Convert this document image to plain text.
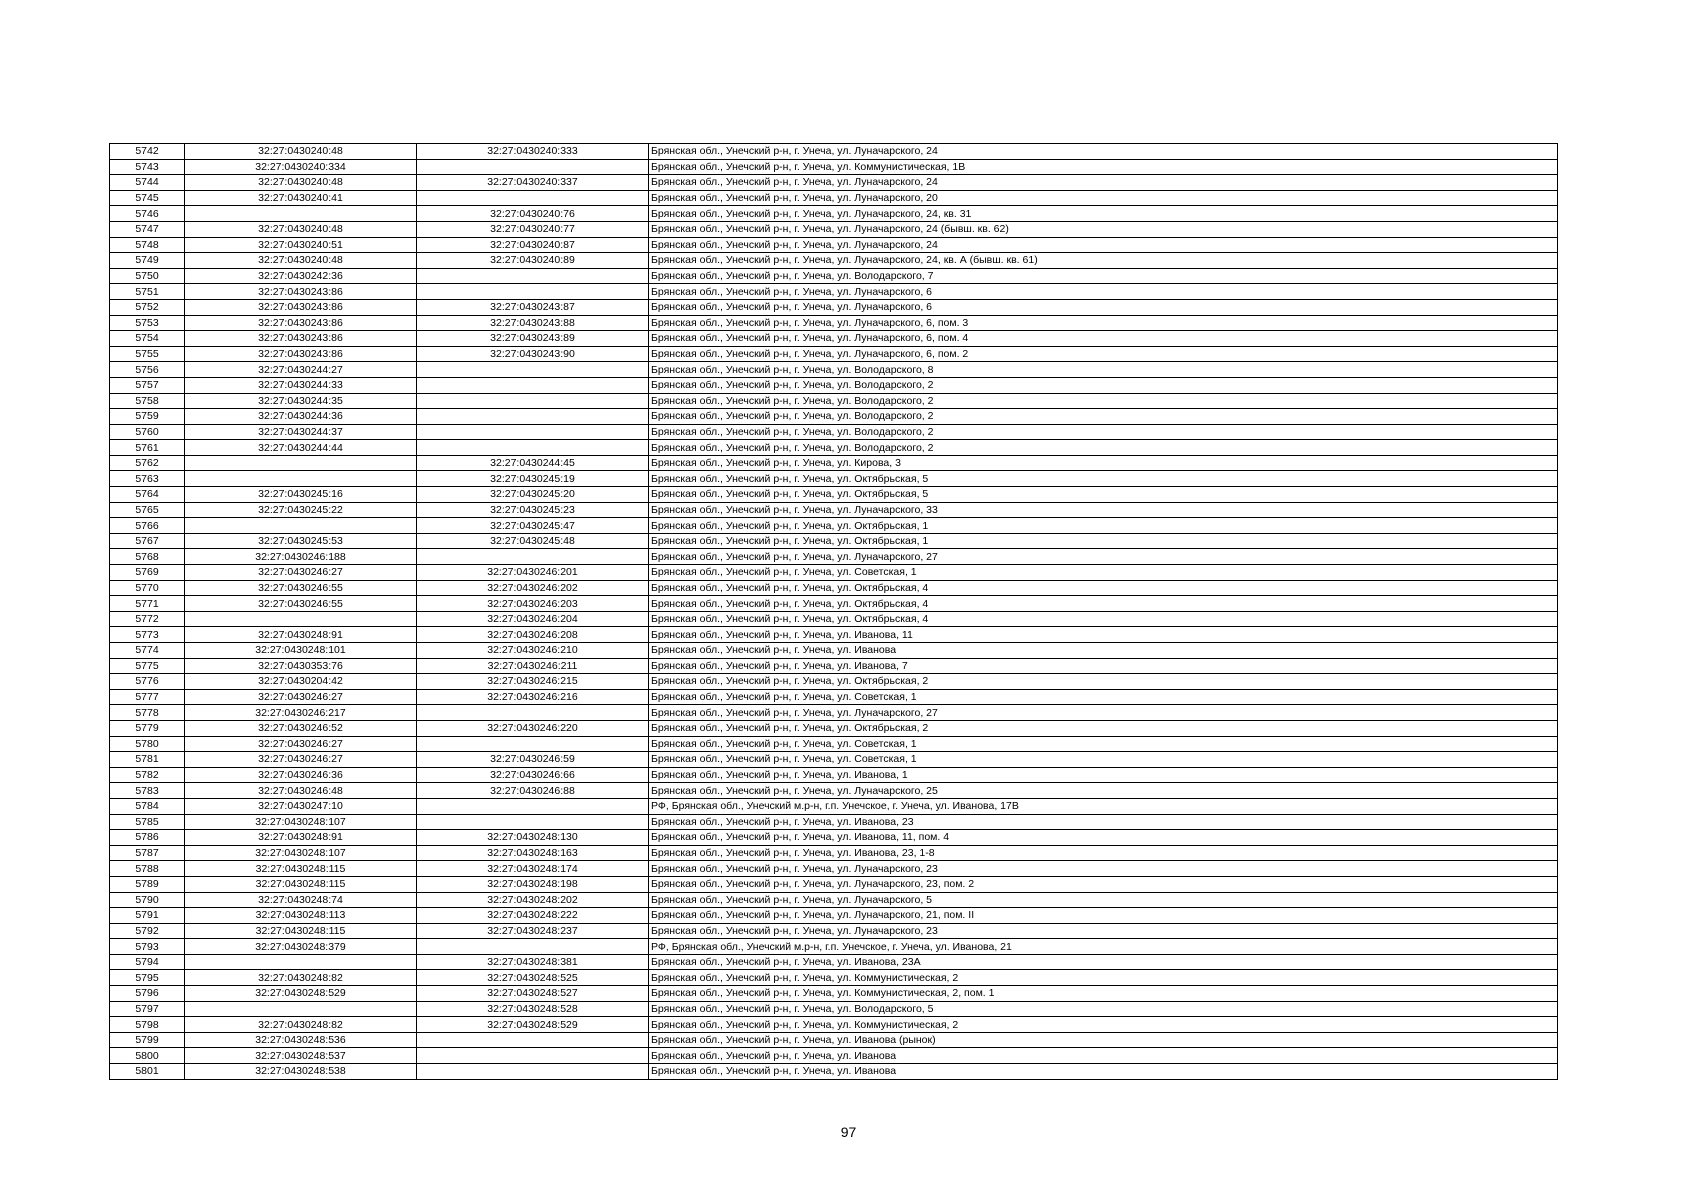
5742	32:27:0430240:48	32:27:0430240:333	Брянская обл., Унечский р-н, г. Унеча, ул. Луначарского, 24
5743	32:27:0430240:334		Брянская обл., Унечский р-н, г. Унеча, ул. Коммунистическая, 1В
5744	32:27:0430240:48	32:27:0430240:337	Брянская обл., Унечский р-н, г. Унеча, ул. Луначарского, 24
5745	32:27:0430240:41		Брянская обл., Унечский р-н, г. Унеча, ул. Луначарского, 20
5746		32:27:0430240:76	Брянская обл., Унечский р-н, г. Унеча, ул. Луначарского, 24, кв. 31
5747	32:27:0430240:48	32:27:0430240:77	Брянская обл., Унечский р-н, г. Унеча, ул. Луначарского, 24 (бывш. кв. 62)
5748	32:27:0430240:51	32:27:0430240:87	Брянская обл., Унечский р-н, г. Унеча, ул. Луначарского, 24
5749	32:27:0430240:48	32:27:0430240:89	Брянская обл., Унечский р-н, г. Унеча, ул. Луначарского, 24, кв. А (бывш. кв. 61)
5750	32:27:0430242:36		Брянская обл., Унечский р-н, г. Унеча, ул. Володарского, 7
5751	32:27:0430243:86		Брянская обл., Унечский р-н, г. Унеча, ул. Луначарского, 6
5752	32:27:0430243:86	32:27:0430243:87	Брянская обл., Унечский р-н, г. Унеча, ул. Луначарского, 6
5753	32:27:0430243:86	32:27:0430243:88	Брянская обл., Унечский р-н, г. Унеча, ул. Луначарского, 6, пом. 3
5754	32:27:0430243:86	32:27:0430243:89	Брянская обл., Унечский р-н, г. Унеча, ул. Луначарского, 6, пом. 4
5755	32:27:0430243:86	32:27:0430243:90	Брянская обл., Унечский р-н, г. Унеча, ул. Луначарского, 6, пом. 2
5756	32:27:0430244:27		Брянская обл., Унечский р-н, г. Унеча, ул. Володарского, 8
5757	32:27:0430244:33		Брянская обл., Унечский р-н, г. Унеча, ул. Володарского, 2
5758	32:27:0430244:35		Брянская обл., Унечский р-н, г. Унеча, ул. Володарского, 2
5759	32:27:0430244:36		Брянская обл., Унечский р-н, г. Унеча, ул. Володарского, 2
5760	32:27:0430244:37		Брянская обл., Унечский р-н, г. Унеча, ул. Володарского, 2
5761	32:27:0430244:44		Брянская обл., Унечский р-н, г. Унеча, ул. Володарского, 2
5762		32:27:0430244:45	Брянская обл., Унечский р-н, г. Унеча, ул. Кирова, 3
5763		32:27:0430245:19	Брянская обл., Унечский р-н, г. Унеча, ул. Октябрьская, 5
5764	32:27:0430245:16	32:27:0430245:20	Брянская обл., Унечский р-н, г. Унеча, ул. Октябрьская, 5
5765	32:27:0430245:22	32:27:0430245:23	Брянская обл., Унечский р-н, г. Унеча, ул. Луначарского, 33
5766		32:27:0430245:47	Брянская обл., Унечский р-н, г. Унеча, ул. Октябрьская, 1
5767	32:27:0430245:53	32:27:0430245:48	Брянская обл., Унечский р-н, г. Унеча, ул. Октябрьская, 1
5768	32:27:0430246:188		Брянская обл., Унечский р-н, г. Унеча, ул. Луначарского, 27
5769	32:27:0430246:27	32:27:0430246:201	Брянская обл., Унечский р-н, г. Унеча, ул. Советская, 1
5770	32:27:0430246:55	32:27:0430246:202	Брянская обл., Унечский р-н, г. Унеча, ул. Октябрьская, 4
5771	32:27:0430246:55	32:27:0430246:203	Брянская обл., Унечский р-н, г. Унеча, ул. Октябрьская, 4
5772		32:27:0430246:204	Брянская обл., Унечский р-н, г. Унеча, ул. Октябрьская, 4
5773	32:27:0430248:91	32:27:0430246:208	Брянская обл., Унечский р-н, г. Унеча, ул. Иванова, 11
5774	32:27:0430248:101	32:27:0430246:210	Брянская обл., Унечский р-н, г. Унеча, ул. Иванова
5775	32:27:0430353:76	32:27:0430246:211	Брянская обл., Унечский р-н, г. Унеча, ул. Иванова, 7
5776	32:27:0430204:42	32:27:0430246:215	Брянская обл., Унечский р-н, г. Унеча, ул. Октябрьская, 2
5777	32:27:0430246:27	32:27:0430246:216	Брянская обл., Унечский р-н, г. Унеча, ул. Советская, 1
5778	32:27:0430246:217		Брянская обл., Унечский р-н, г. Унеча, ул. Луначарского, 27
5779	32:27:0430246:52	32:27:0430246:220	Брянская обл., Унечский р-н, г. Унеча, ул. Октябрьская, 2
5780	32:27:0430246:27		Брянская обл., Унечский р-н, г. Унеча, ул. Советская, 1
5781	32:27:0430246:27	32:27:0430246:59	Брянская обл., Унечский р-н, г. Унеча, ул. Советская, 1
5782	32:27:0430246:36	32:27:0430246:66	Брянская обл., Унечский р-н, г. Унеча, ул. Иванова, 1
5783	32:27:0430246:48	32:27:0430246:88	Брянская обл., Унечский р-н, г. Унеча, ул. Луначарского, 25
5784	32:27:0430247:10		РФ, Брянская обл., Унечский м.р-н, г.п. Унечское, г. Унеча, ул. Иванова, 17В
5785	32:27:0430248:107		Брянская обл., Унечский р-н, г. Унеча, ул. Иванова, 23
5786	32:27:0430248:91	32:27:0430248:130	Брянская обл., Унечский р-н, г. Унеча, ул. Иванова, 11, пом. 4
5787	32:27:0430248:107	32:27:0430248:163	Брянская обл., Унечский р-н, г. Унеча, ул. Иванова, 23, 1-8
5788	32:27:0430248:115	32:27:0430248:174	Брянская обл., Унечский р-н, г. Унеча, ул. Луначарского, 23
5789	32:27:0430248:115	32:27:0430248:198	Брянская обл., Унечский р-н, г. Унеча, ул. Луначарского, 23, пом. 2
5790	32:27:0430248:74	32:27:0430248:202	Брянская обл., Унечский р-н, г. Унеча, ул. Луначарского, 5
5791	32:27:0430248:113	32:27:0430248:222	Брянская обл., Унечский р-н, г. Унеча, ул. Луначарского, 21, пом. II
5792	32:27:0430248:115	32:27:0430248:237	Брянская обл., Унечский р-н, г. Унеча, ул. Луначарского, 23
5793	32:27:0430248:379		РФ, Брянская обл., Унечский м.р-н, г.п. Унечское, г. Унеча, ул. Иванова, 21
5794		32:27:0430248:381	Брянская обл., Унечский р-н, г. Унеча, ул. Иванова, 23А
5795	32:27:0430248:82	32:27:0430248:525	Брянская обл., Унечский р-н, г. Унеча, ул. Коммунистическая, 2
5796	32:27:0430248:529	32:27:0430248:527	Брянская обл., Унечский р-н, г. Унеча, ул. Коммунистическая, 2, пом. 1
5797		32:27:0430248:528	Брянская обл., Унечский р-н, г. Унеча, ул. Володарского, 5
5798	32:27:0430248:82	32:27:0430248:529	Брянская обл., Унечский р-н, г. Унеча, ул. Коммунистическая, 2
5799	32:27:0430248:536		Брянская обл., Унечский р-н, г. Унеча, ул. Иванова (рынок)
5800	32:27:0430248:537		Брянская обл., Унечский р-н, г. Унеча, ул. Иванова
5801	32:27:0430248:538		Брянская обл., Унечский р-н, г. Унеча, ул. Иванова
97
